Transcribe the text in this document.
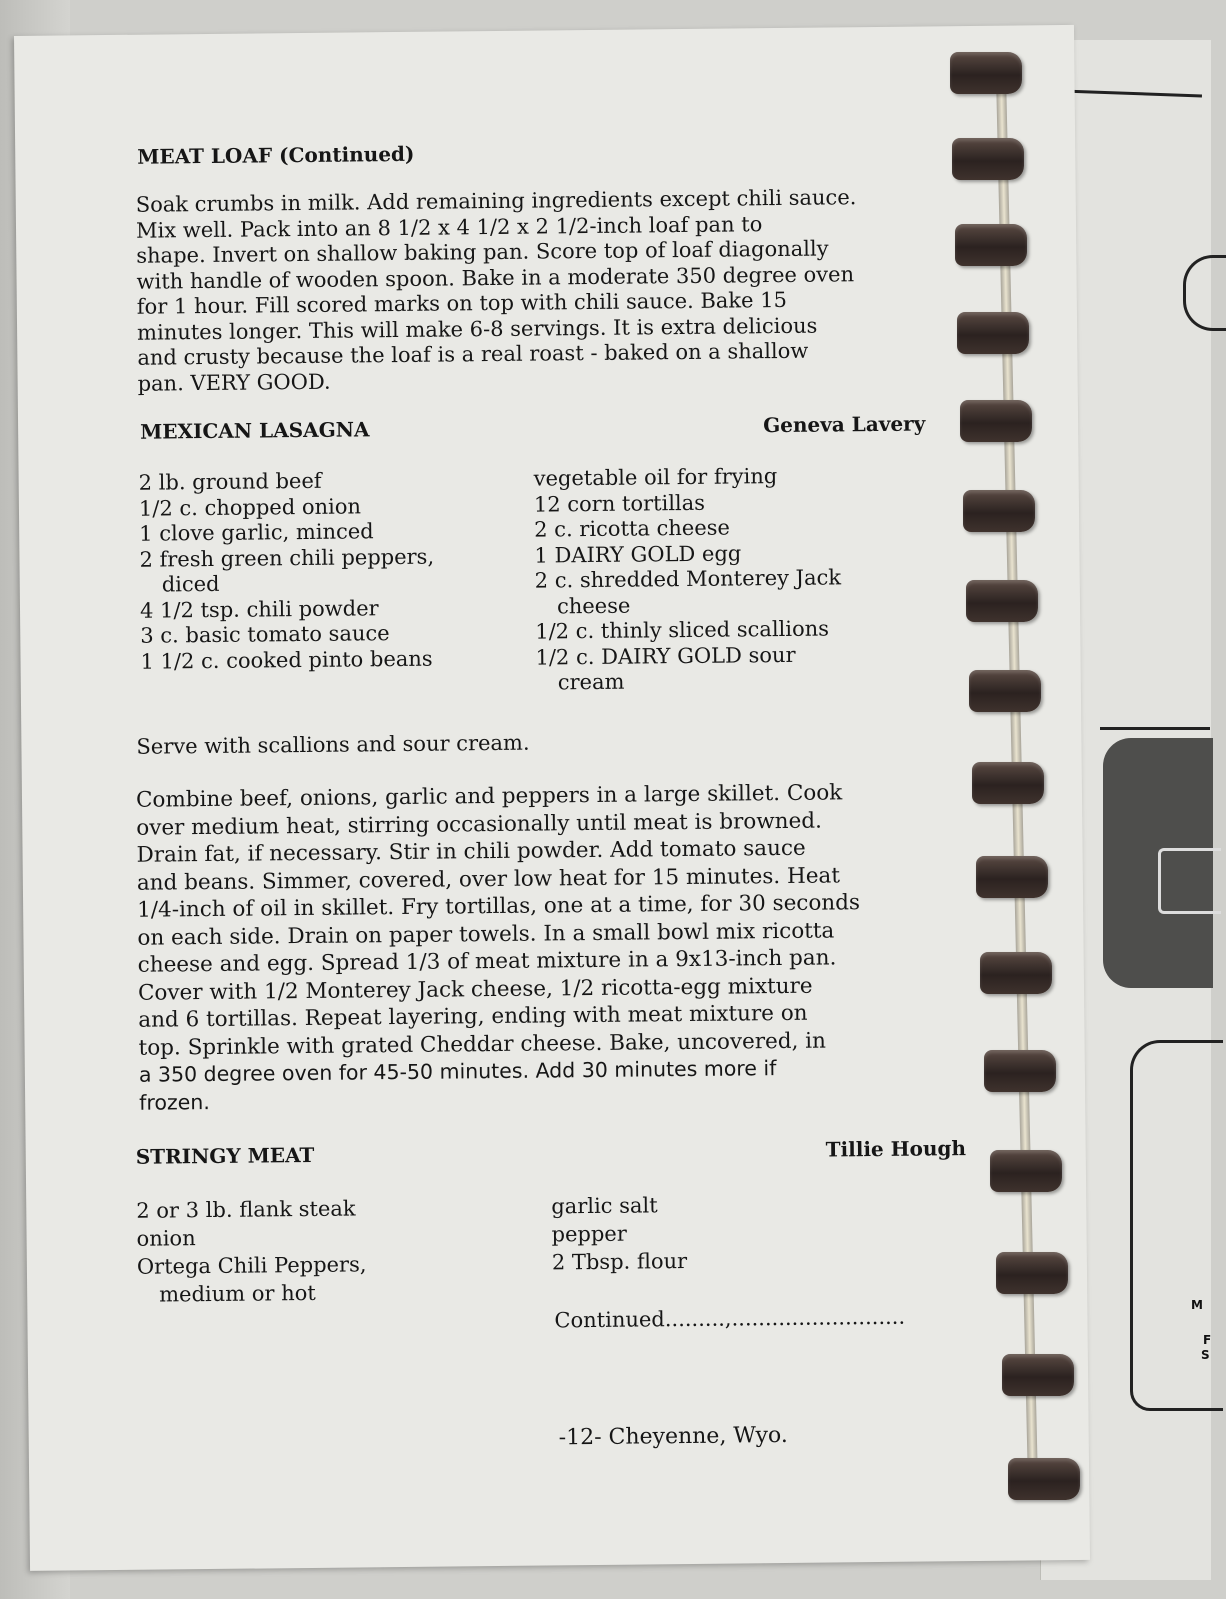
M
F
S
MEAT LOAF (Continued)
Soak crumbs in milk. Add remaining ingredients except chili sauce.
Mix well. Pack into an 8 1/2 x 4 1/2 x 2 1/2-inch loaf pan to
shape. Invert on shallow baking pan. Score top of loaf diagonally
with handle of wooden spoon. Bake in a moderate 350 degree oven
for 1 hour. Fill scored marks on top with chili sauce. Bake 15
minutes longer. This will make 6-8 servings. It is extra delicious
and crusty because the loaf is a real roast - baked on a shallow
pan. VERY GOOD.
MEXICAN LASAGNA	Geneva Lavery
2 lb. ground beef
1/2 c. chopped onion
1 clove garlic, minced
2 fresh green chili peppers,
diced
4 1/2 tsp. chili powder
3 c. basic tomato sauce
1 1/2 c. cooked pinto beans
vegetable oil for frying
12 corn tortillas
2 c. ricotta cheese
1 DAIRY GOLD egg
2 c. shredded Monterey Jack
cheese
1/2 c. thinly sliced scallions
1/2 c. DAIRY GOLD sour
cream
Serve with scallions and sour cream.
Combine beef, onions, garlic and peppers in a large skillet. Cook
over medium heat, stirring occasionally until meat is browned.
Drain fat, if necessary. Stir in chili powder. Add tomato sauce
and beans. Simmer, covered, over low heat for 15 minutes. Heat
1/4-inch of oil in skillet. Fry tortillas, one at a time, for 30 seconds
on each side. Drain on paper towels. In a small bowl mix ricotta
cheese and egg. Spread 1/3 of meat mixture in a 9x13-inch pan.
Cover with 1/2 Monterey Jack cheese, 1/2 ricotta-egg mixture
and 6 tortillas. Repeat layering, ending with meat mixture on
top. Sprinkle with grated Cheddar cheese. Bake, uncovered, in
a 350 degree oven for 45-50 minutes. Add 30 minutes more if
frozen.
STRINGY MEAT	Tillie Hough
2 or 3 lb. flank steak
onion
Ortega Chili Peppers,
medium or hot
garlic salt
pepper
2 Tbsp. flour
Continued.........,..........................
-12- Cheyenne, Wyo.
